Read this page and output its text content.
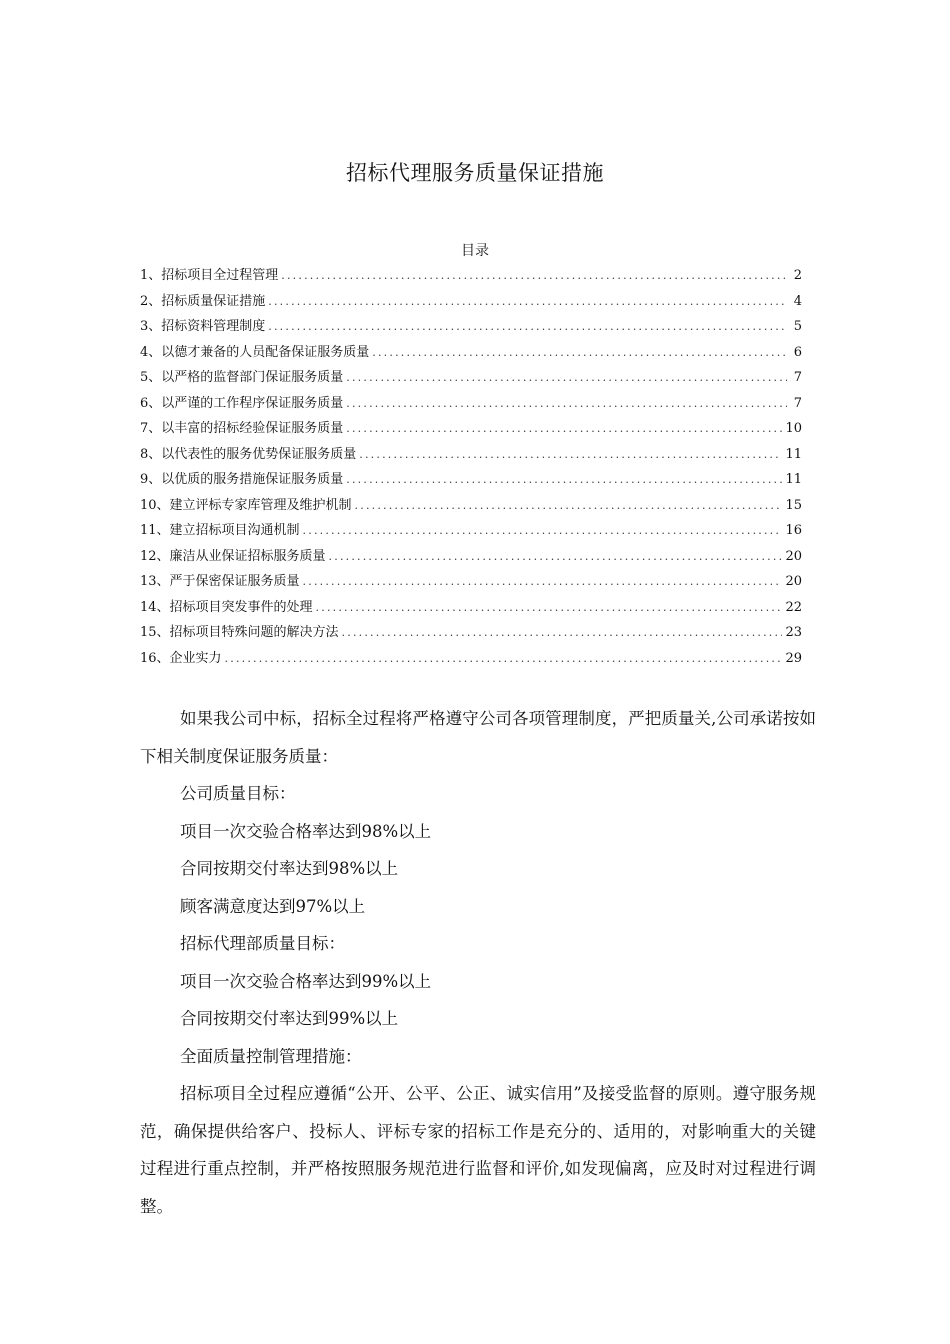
招标代理服务质量保证措施
目录
1、招标项目全过程管理 .....	2
2、招标质量保证措施 .....	4
3、招标资料管理制度 .....	5
4、以德才兼备的人员配备保证服务质量 .....	6
5、以严格的监督部门保证服务质量 .....	7
6、以严谨的工作程序保证服务质量 .....	7
7、以丰富的招标经验保证服务质量 .....	10
8、以代表性的服务优势保证服务质量 .....	11
9、以优质的服务措施保证服务质量 .....	11
10、建立评标专家库管理及维护机制 .....	15
11、建立招标项目沟通机制 .....	16
12、廉洁从业保证招标服务质量 .....	20
13、严于保密保证服务质量 .....	20
14、招标项目突发事件的处理 .....	22
15、招标项目特殊问题的解决方法 .....	23
16、企业实力 .....	29

如果我公司中标，招标全过程将严格遵守公司各项管理制度，严把质量关,公司承诺按如下相关制度保证服务质量：

公司质量目标：

项目一次交验合格率达到98%以上

合同按期交付率达到98%以上

顾客满意度达到97%以上

招标代理部质量目标：

项目一次交验合格率达到99%以上

合同按期交付率达到99%以上

全面质量控制管理措施：

招标项目全过程应遵循“公开、公平、公正、诚实信用”及接受监督的原则。遵守服务规范，确保提供给客户、投标人、评标专家的招标工作是充分的、适用的，对影响重大的关键过程进行重点控制，并严格按照服务规范进行监督和评价,如发现偏离，应及时对过程进行调整。
